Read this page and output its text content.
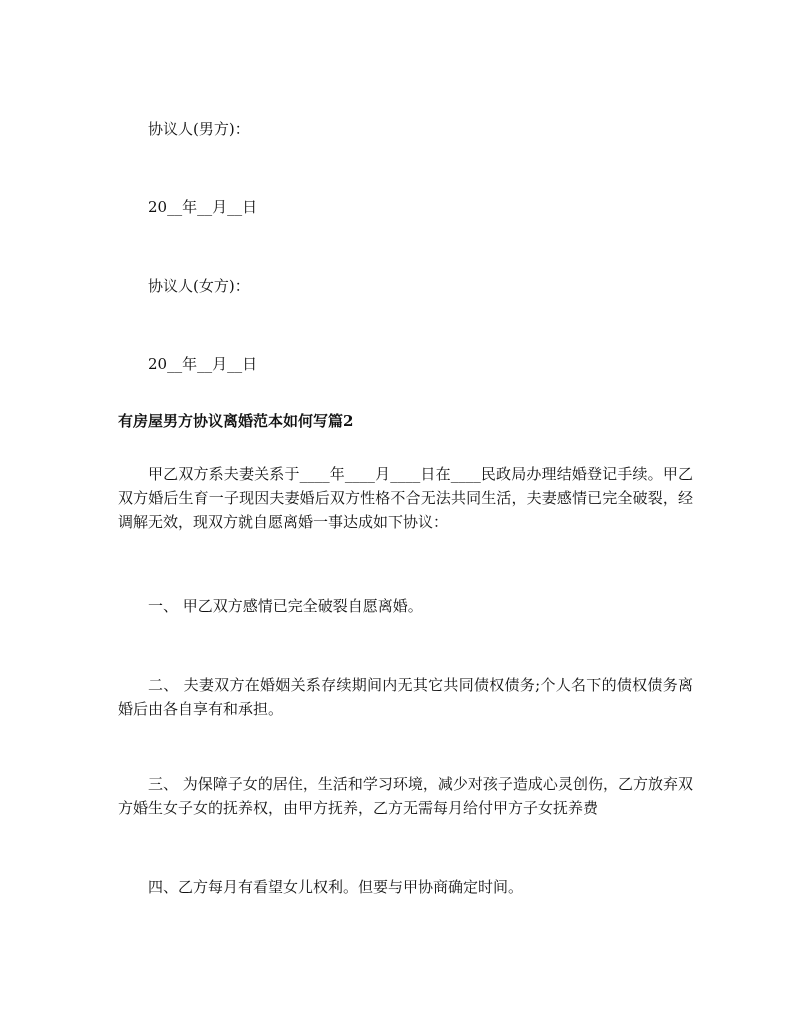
协议人(男方)：
20__年__月__日
协议人(女方)：
20__年__月__日
有房屋男方协议离婚范本如何写篇2
甲乙双方系夫妻关系于____年____月____日在____民政局办理结婚登记手续。甲乙双方婚后生育一子现因夫妻婚后双方性格不合无法共同生活，夫妻感情已完全破裂，经调解无效，现双方就自愿离婚一事达成如下协议：
一、 甲乙双方感情已完全破裂自愿离婚。
二、 夫妻双方在婚姻关系存续期间内无其它共同债权债务;个人名下的债权债务离婚后由各自享有和承担。
三、 为保障子女的居住，生活和学习环境，减少对孩子造成心灵创伤，乙方放弃双方婚生女子女的抚养权，由甲方抚养，乙方无需每月给付甲方子女抚养费
四、乙方每月有看望女儿权利。但要与甲协商确定时间。
